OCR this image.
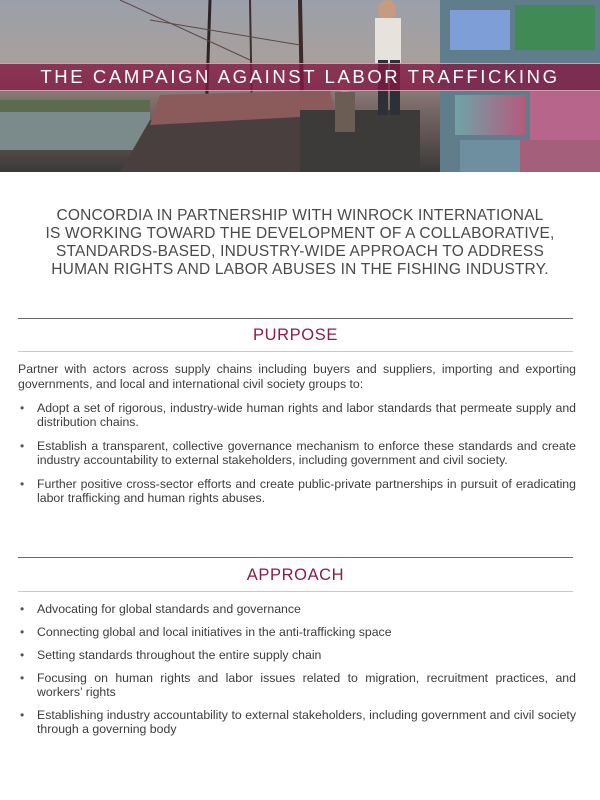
THE CAMPAIGN AGAINST LABOR TRAFFICKING
CONCORDIA IN PARTNERSHIP WITH WINROCK INTERNATIONAL
IS WORKING TOWARD THE DEVELOPMENT OF A COLLABORATIVE,
STANDARDS-BASED, INDUSTRY-WIDE APPROACH TO ADDRESS
HUMAN RIGHTS AND LABOR ABUSES IN THE FISHING INDUSTRY.
PURPOSE
Partner with actors across supply chains including buyers and suppliers, importing and exporting governments, and local and international civil society groups to:
• Adopt a set of rigorous, industry-wide human rights and labor standards that permeate supply and distribution chains.
• Establish a transparent, collective governance mechanism to enforce these standards and create industry accountability to external stakeholders, including government and civil society.
• Further positive cross-sector efforts and create public-private partnerships in pursuit of eradicating labor trafficking and human rights abuses.
APPROACH
• Advocating for global standards and governance
• Connecting global and local initiatives in the anti-trafficking space
• Setting standards throughout the entire supply chain
• Focusing on human rights and labor issues related to migration, recruitment practices, and workers’ rights
• Establishing industry accountability to external stakeholders, including government and civil society through a governing body
